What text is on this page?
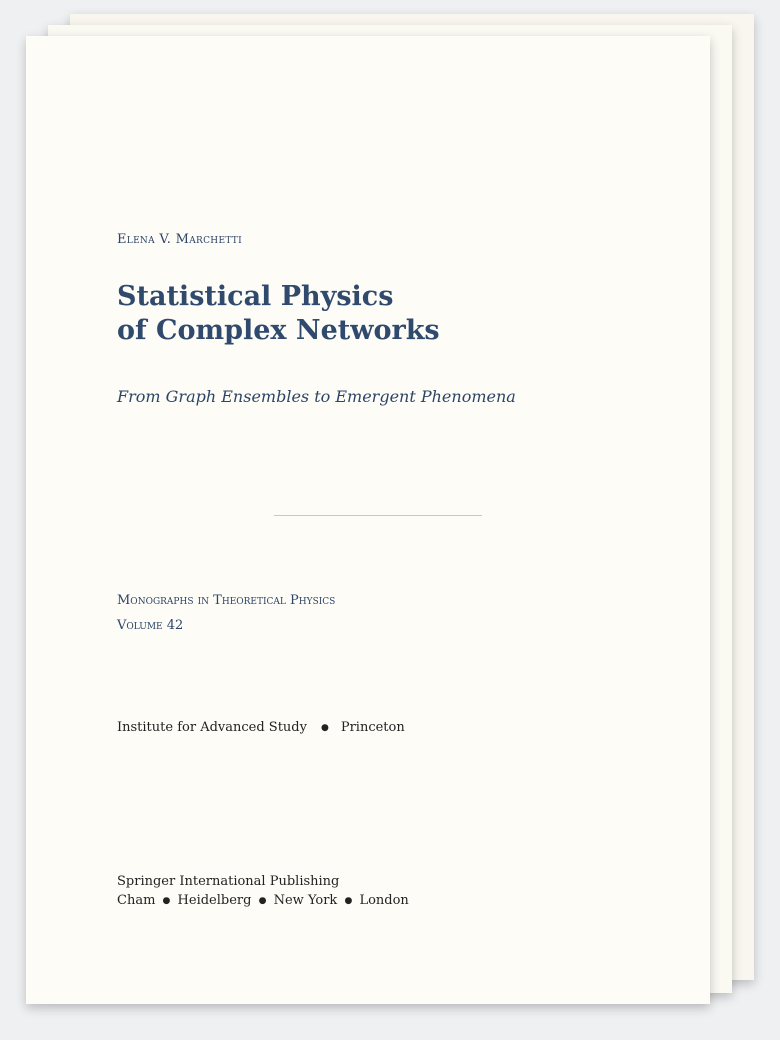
Elena V. Marchetti
Statistical Physics
of Complex Networks
From Graph Ensembles to Emergent Phenomena
Monographs in Theoretical Physics
Volume 42
Institute for Advanced Study ● Princeton
Springer International Publishing
Cham ● Heidelberg ● New York ● London
